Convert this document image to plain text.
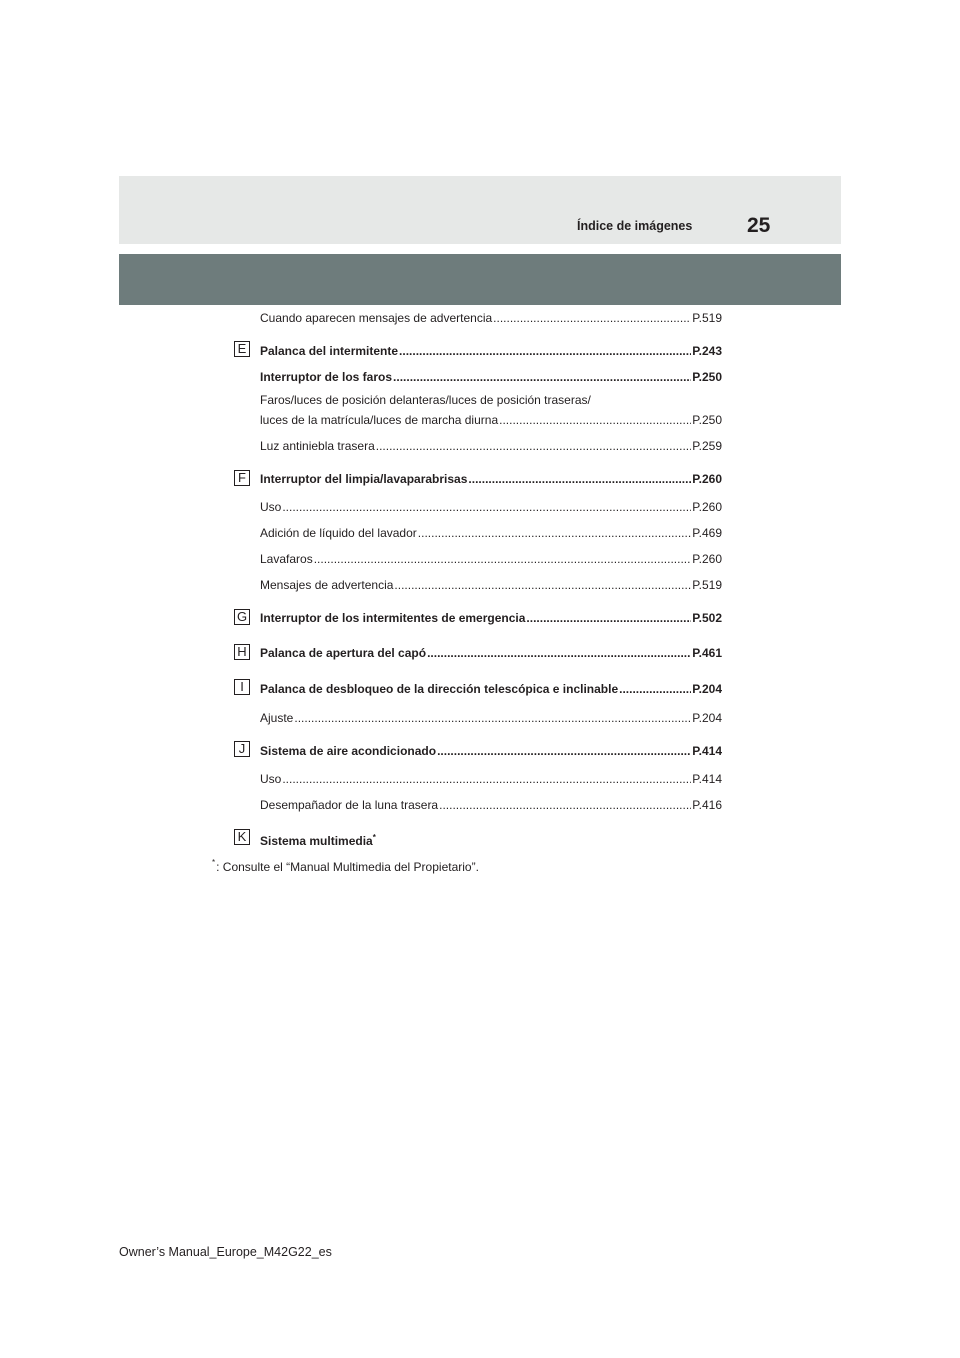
Índice de imágenes	25
Cuando aparecen mensajes de advertencia .....	P.519
E	Palanca del intermitente .....	P.243
Interruptor de los faros .....	P.250
Faros/luces de posición delanteras/luces de posición traseras/
luces de la matrícula/luces de marcha diurna .....	P.250
Luz antiniebla trasera .....	P.259
F	Interruptor del limpia/lavaparabrisas .....	P.260
Uso .....	P.260
Adición de líquido del lavador .....	P.469
Lavafaros .....	P.260
Mensajes de advertencia .....	P.519
G Interruptor de los intermitentes de emergencia .....	P.502
H Palanca de apertura del capó .....	P.461
I	Palanca de desbloqueo de la dirección telescópica e inclinable .....	P.204
Ajuste .....	P.204
J	Sistema de aire acondicionado .....	P.414
Uso .....	P.414
Desempañador de la luna trasera .....	P.416
K	Sistema multimedia*
*: Consulte el “Manual Multimedia del Propietario”.
Owner’s Manual_Europe_M42G22_es
